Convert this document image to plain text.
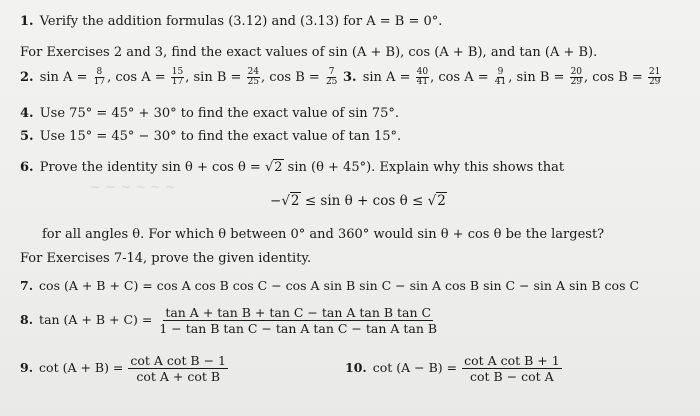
1. Verify the addition formulas (3.12) and (3.13) for A = B = 0°.
For Exercises 2 and 3, find the exact values of sin (A + B), cos (A + B), and tan (A + B).
2. $\sin A = \frac{8}{17}$ , $\cos A = \frac{15}{17}$ , $\sin B = \frac{24}{25}$ , $\cos B = \frac{7}{25} 3$. $\sin A = \frac{40}{41}$ , $\cos A = \frac{9}{41}$ , $\sin B = \frac{20}{29}$ , $\cos B = \frac{21}{29}$
4. Use 75° = 45° + 30° to find the exact value of sin 75°.
5. Use 15° = 45° − 30° to find the exact value of tan 15°.
6. Prove the identity sin θ + cos θ = √2 sin (θ + 45°). Explain why this shows that
~ ~ ~ ~ ~ ~
−√2 ≤ sin θ + cos θ ≤ √2
for all angles θ. For which θ between 0° and 360° would sin θ + cos θ be the largest?
For Exercises 7-14, prove the given identity.
7. cos (A + B + C) = cos A cos B cos C − cos A sin B sin C − sin A cos B sin C − sin A sin B cos C
8. $\tan (A + B + C) = \frac{\text{tan A + tan B + tan C − tan A tan B tan C}}{\text{1 − tan B tan C − tan A tan C − tan A tan B}}$
9. $\cot (A + B) = \frac{\text{cot A cot B − 1}}{\text{cot A + cot B}}$	10. $\cot (A - B) = \frac{\text{cot A cot B + 1}}{\text{cot B − cot A}}$
